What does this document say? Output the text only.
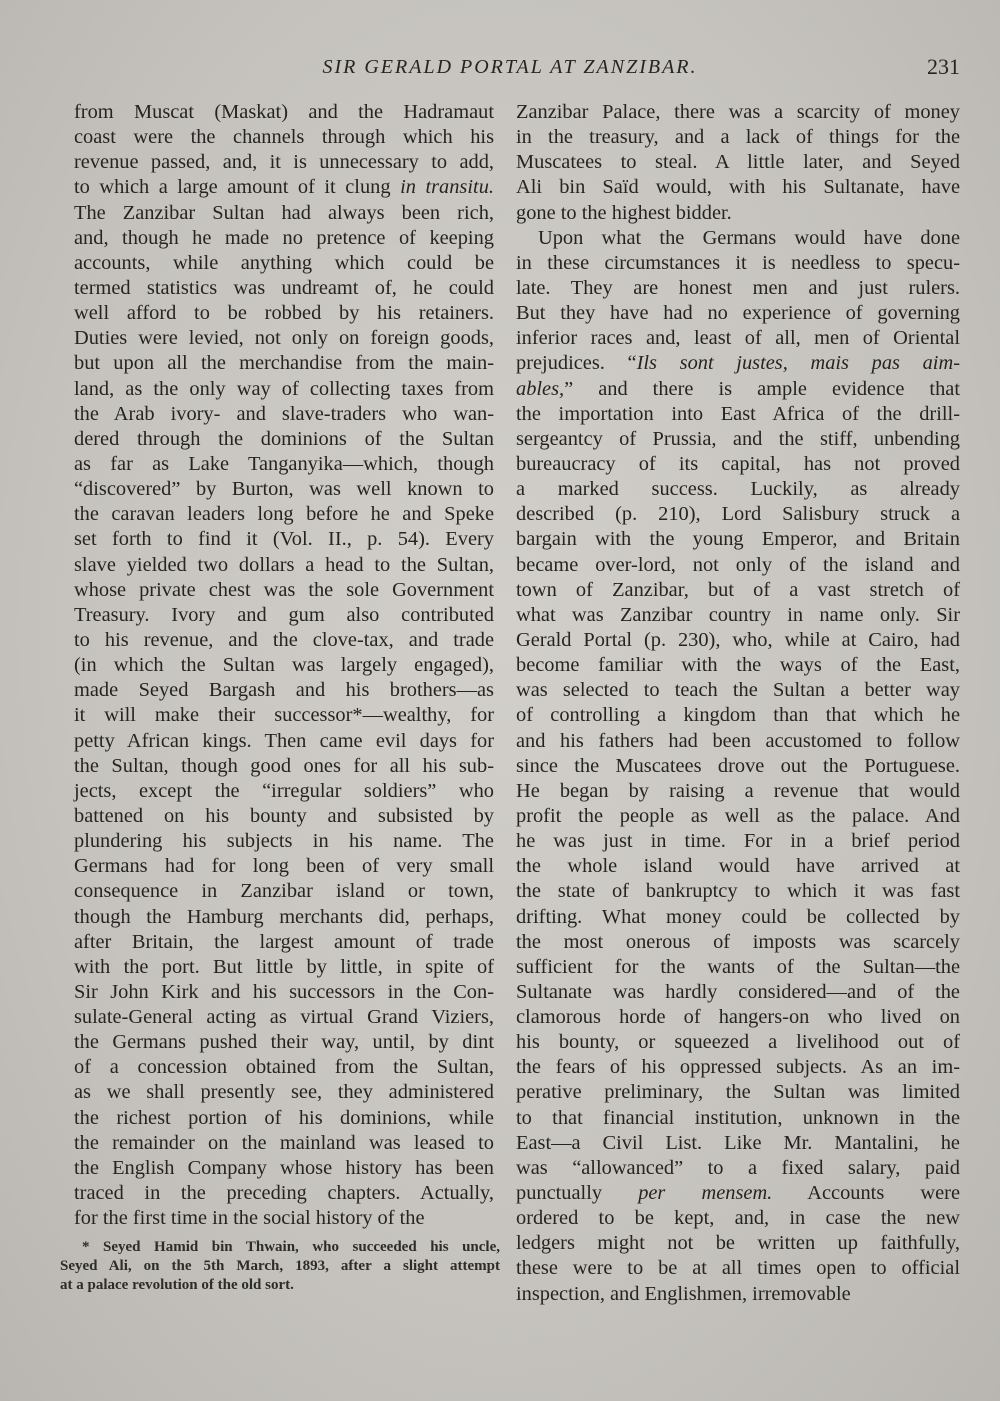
SIR GERALD PORTAL AT ZANZIBAR.	231
from Muscat (Maskat) and the Hadramaut
coast were the channels through which his
revenue passed, and, it is unnecessary to add,
to which a large amount of it clung in transitu.
The Zanzibar Sultan had always been rich,
and, though he made no pretence of keeping
accounts, while anything which could be
termed statistics was undreamt of, he could
well afford to be robbed by his retainers.
Duties were levied, not only on foreign goods,
but upon all the merchandise from the main-
land, as the only way of collecting taxes from
the Arab ivory- and slave-traders who wan-
dered through the dominions of the Sultan
as far as Lake Tanganyika—which, though
“discovered” by Burton, was well known to
the caravan leaders long before he and Speke
set forth to find it (Vol. II., p. 54). Every
slave yielded two dollars a head to the Sultan,
whose private chest was the sole Government
Treasury. Ivory and gum also contributed
to his revenue, and the clove-tax, and trade
(in which the Sultan was largely engaged),
made Seyed Bargash and his brothers—as
it will make their successor*—wealthy, for
petty African kings. Then came evil days for
the Sultan, though good ones for all his sub-
jects, except the “irregular soldiers” who
battened on his bounty and subsisted by
plundering his subjects in his name. The
Germans had for long been of very small
consequence in Zanzibar island or town,
though the Hamburg merchants did, perhaps,
after Britain, the largest amount of trade
with the port. But little by little, in spite of
Sir John Kirk and his successors in the Con-
sulate-General acting as virtual Grand Viziers,
the Germans pushed their way, until, by dint
of a concession obtained from the Sultan,
as we shall presently see, they administered
the richest portion of his dominions, while
the remainder on the mainland was leased to
the English Company whose history has been
traced in the preceding chapters. Actually,
for the first time in the social history of the
Zanzibar Palace, there was a scarcity of money
in the treasury, and a lack of things for the
Muscatees to steal. A little later, and Seyed
Ali bin Saïd would, with his Sultanate, have
gone to the highest bidder.
Upon what the Germans would have done
in these circumstances it is needless to specu-
late. They are honest men and just rulers.
But they have had no experience of governing
inferior races and, least of all, men of Oriental
prejudices. “Ils sont justes, mais pas aim-
ables,” and there is ample evidence that
the importation into East Africa of the drill-
sergeantcy of Prussia, and the stiff, unbending
bureaucracy of its capital, has not proved
a marked success. Luckily, as already
described (p. 210), Lord Salisbury struck a
bargain with the young Emperor, and Britain
became over-lord, not only of the island and
town of Zanzibar, but of a vast stretch of
what was Zanzibar country in name only. Sir
Gerald Portal (p. 230), who, while at Cairo, had
become familiar with the ways of the East,
was selected to teach the Sultan a better way
of controlling a kingdom than that which he
and his fathers had been accustomed to follow
since the Muscatees drove out the Portuguese.
He began by raising a revenue that would
profit the people as well as the palace. And
he was just in time. For in a brief period
the whole island would have arrived at
the state of bankruptcy to which it was fast
drifting. What money could be collected by
the most onerous of imposts was scarcely
sufficient for the wants of the Sultan—the
Sultanate was hardly considered—and of the
clamorous horde of hangers-on who lived on
his bounty, or squeezed a livelihood out of
the fears of his oppressed subjects. As an im-
perative preliminary, the Sultan was limited
to that financial institution, unknown in the
East—a Civil List. Like Mr. Mantalini, he
was “allowanced” to a fixed salary, paid
punctually per mensem. Accounts were
ordered to be kept, and, in case the new
ledgers might not be written up faithfully,
these were to be at all times open to official
inspection, and Englishmen, irremovable
* Seyed Hamid bin Thwain, who succeeded his uncle,
Seyed Ali, on the 5th March, 1893, after a slight attempt
at a palace revolution of the old sort.
